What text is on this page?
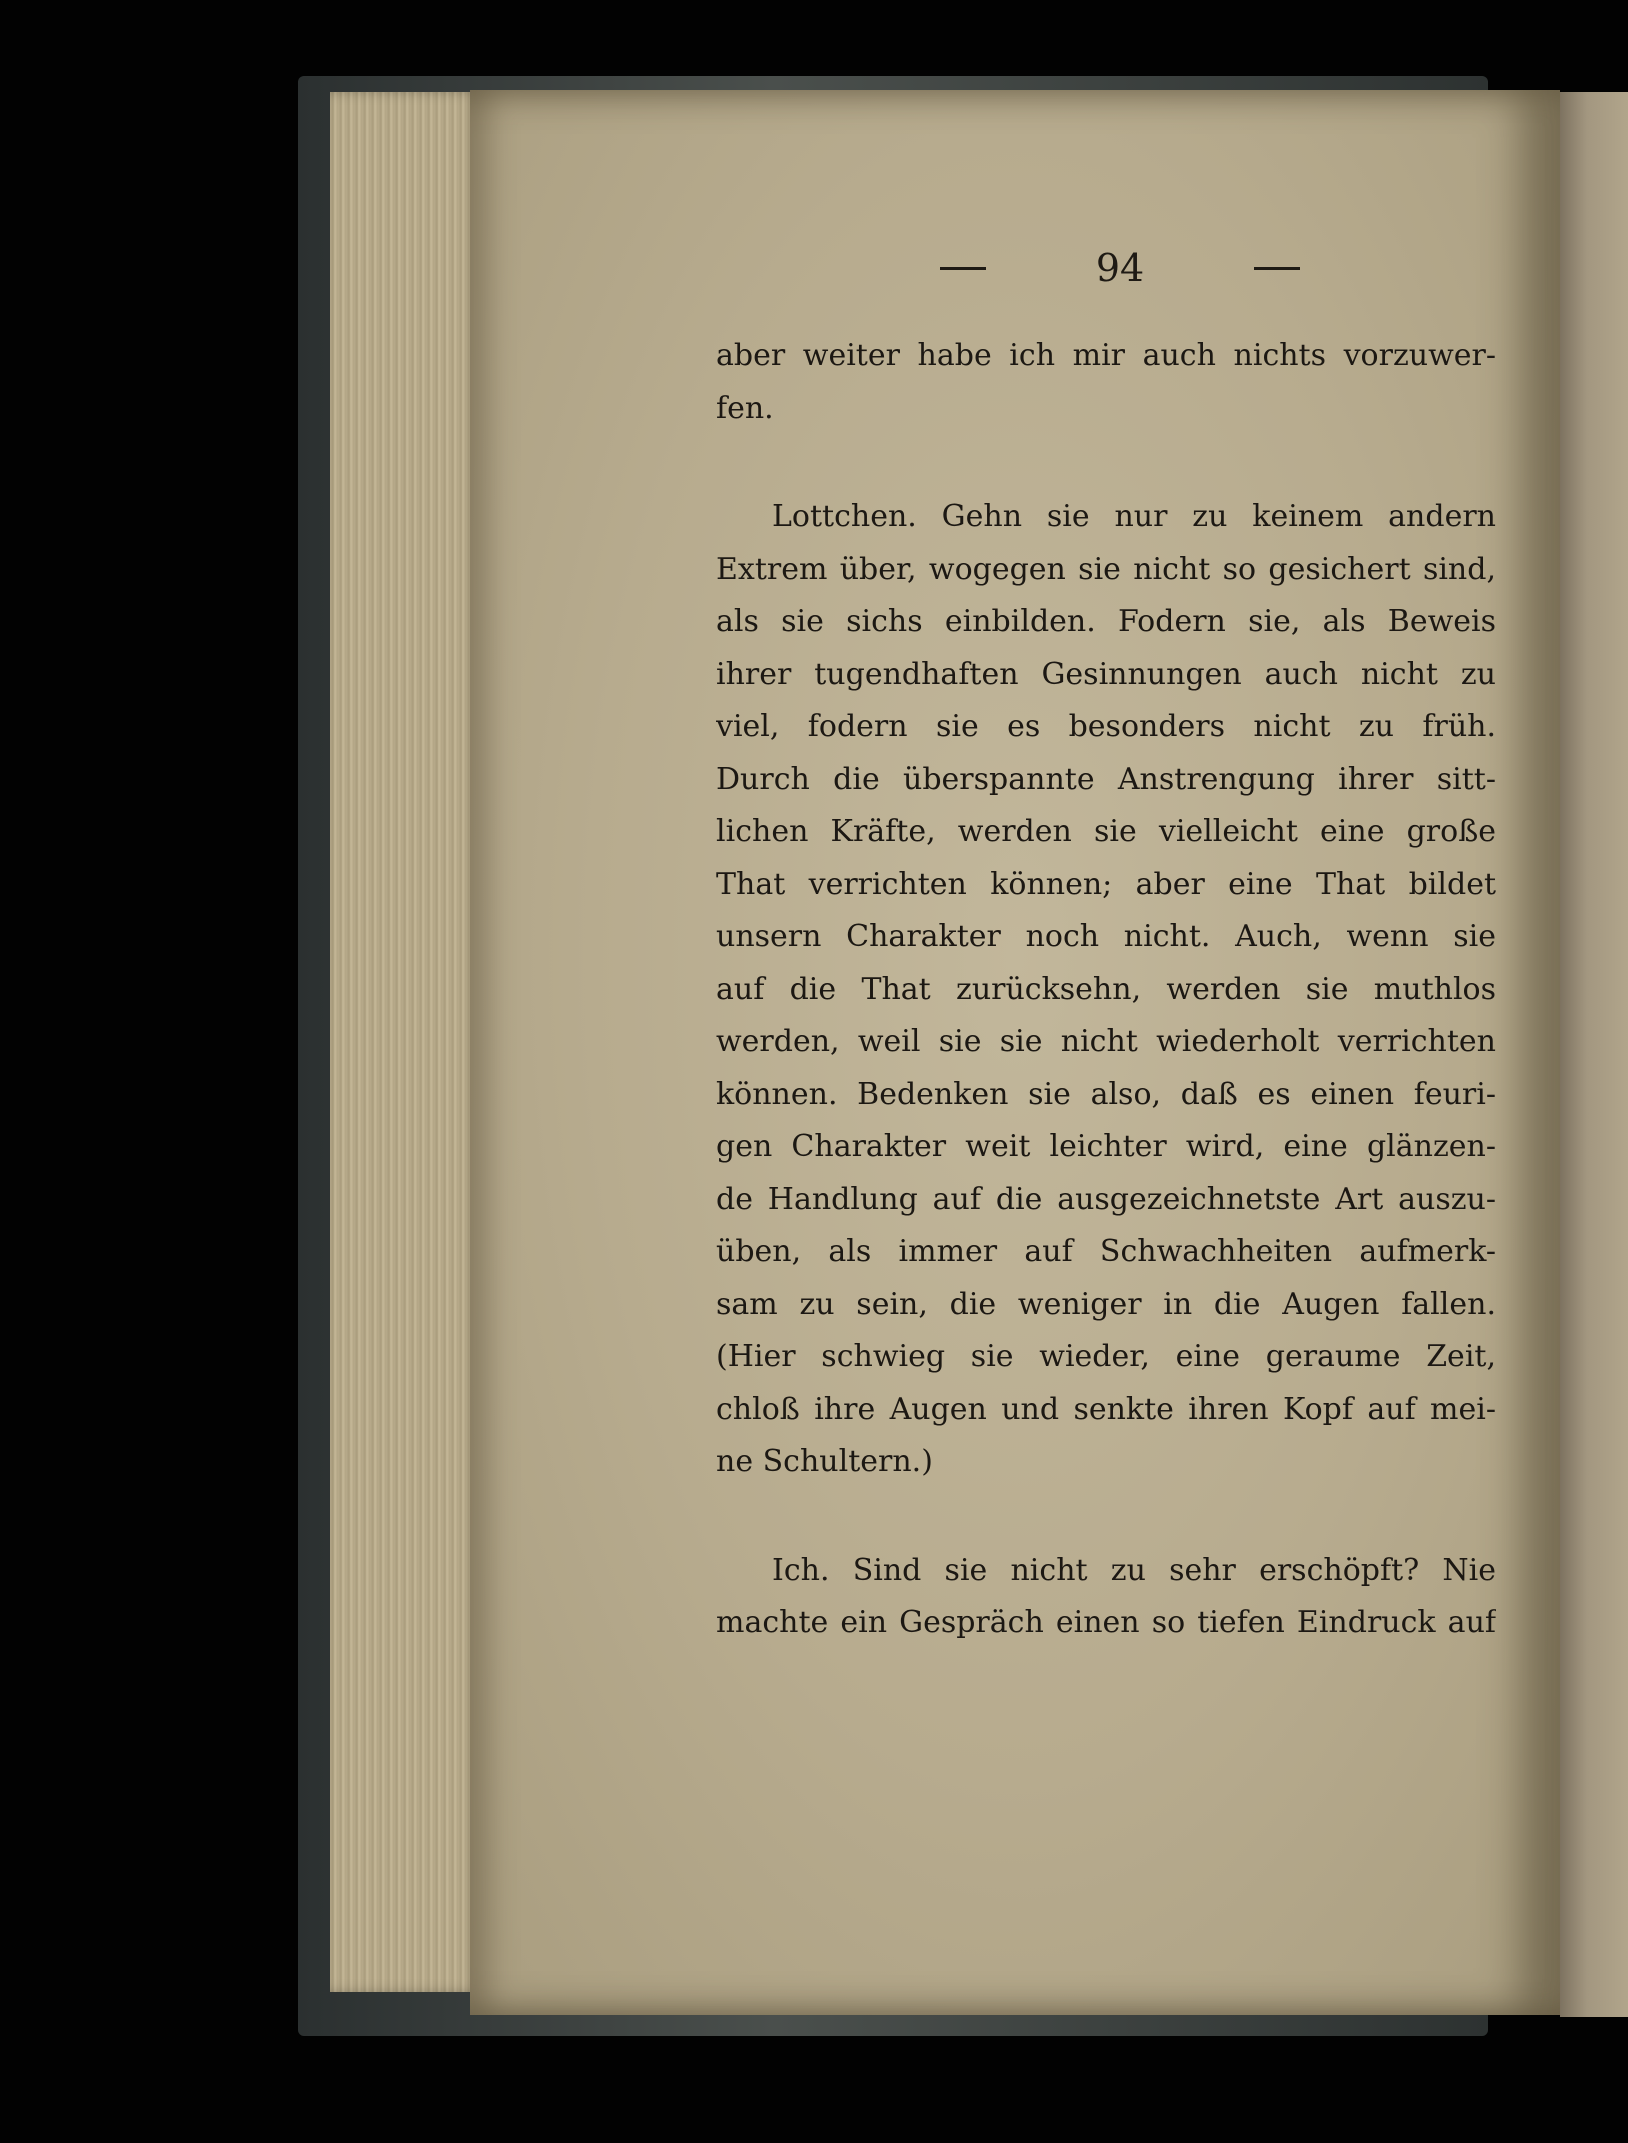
94
aber weiter habe ich mir auch nichts vorzuwer-
fen.
Lottchen. Gehn sie nur zu keinem andern
Extrem über, wogegen sie nicht so gesichert sind,
als sie sichs einbilden. Fodern sie, als Beweis
ihrer tugendhaften Gesinnungen auch nicht zu
viel, fodern sie es besonders nicht zu früh.
Durch die überspannte Anstrengung ihrer sitt-
lichen Kräfte, werden sie vielleicht eine große
That verrichten können; aber eine That bildet
unsern Charakter noch nicht. Auch, wenn sie
auf die That zurücksehn, werden sie muthlos
werden, weil sie sie nicht wiederholt verrichten
können. Bedenken sie also, daß es einen feuri-
gen Charakter weit leichter wird, eine glänzen-
de Handlung auf die ausgezeichnetste Art auszu-
üben, als immer auf Schwachheiten aufmerk-
sam zu sein, die weniger in die Augen fallen.
(Hier schwieg sie wieder, eine geraume Zeit,
chloß ihre Augen und senkte ihren Kopf auf mei-
ne Schultern.)
Ich. Sind sie nicht zu sehr erschöpft? Nie
machte ein Gespräch einen so tiefen Eindruck auf
